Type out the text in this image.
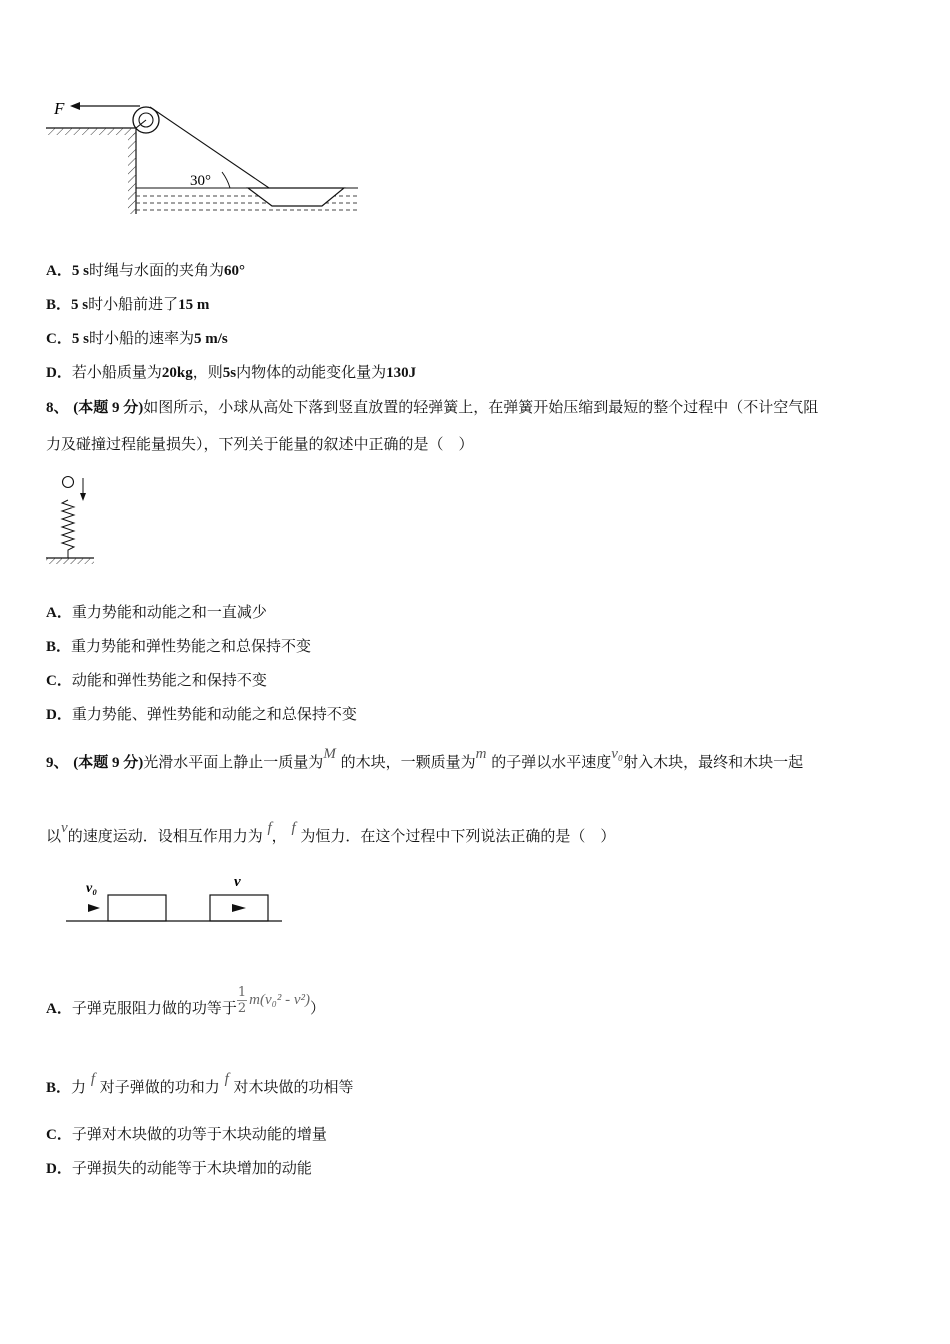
F
30°
A．5 s时绳与水面的夹角为60°
B．5 s时小船前进了15 m
C．5 s时小船的速率为5 m/s
D．若小船质量为20kg，则5s内物体的动能变化量为130J
8、 (本题 9 分)如图所示，小球从高处下落到竖直放置的轻弹簧上，在弹簧开始压缩到最短的整个过程中（不计空气阻
力及碰撞过程能量损失），下列关于能量的叙述中正确的是（　）
A．重力势能和动能之和一直减少
B．重力势能和弹性势能之和总保持不变
C．动能和弹性势能之和保持不变
D．重力势能、弹性势能和动能之和总保持不变
9、 (本题 9 分)光滑水平面上静止一质量为M 的木块，一颗质量为m 的子弹以水平速度v₀射入木块，最终和木块一起
以v的速度运动．设相互作用力为 f， f 为恒力．在这个过程中下列说法正确的是（　）
v₀	v
A．子弹克服阻力做的功等于 $\frac{1}{2} m(v_0^2 - v^2)$）
B．力 f 对子弹做的功和力 f 对木块做的功相等
C．子弹对木块做的功等于木块动能的增量
D．子弹损失的动能等于木块增加的动能
